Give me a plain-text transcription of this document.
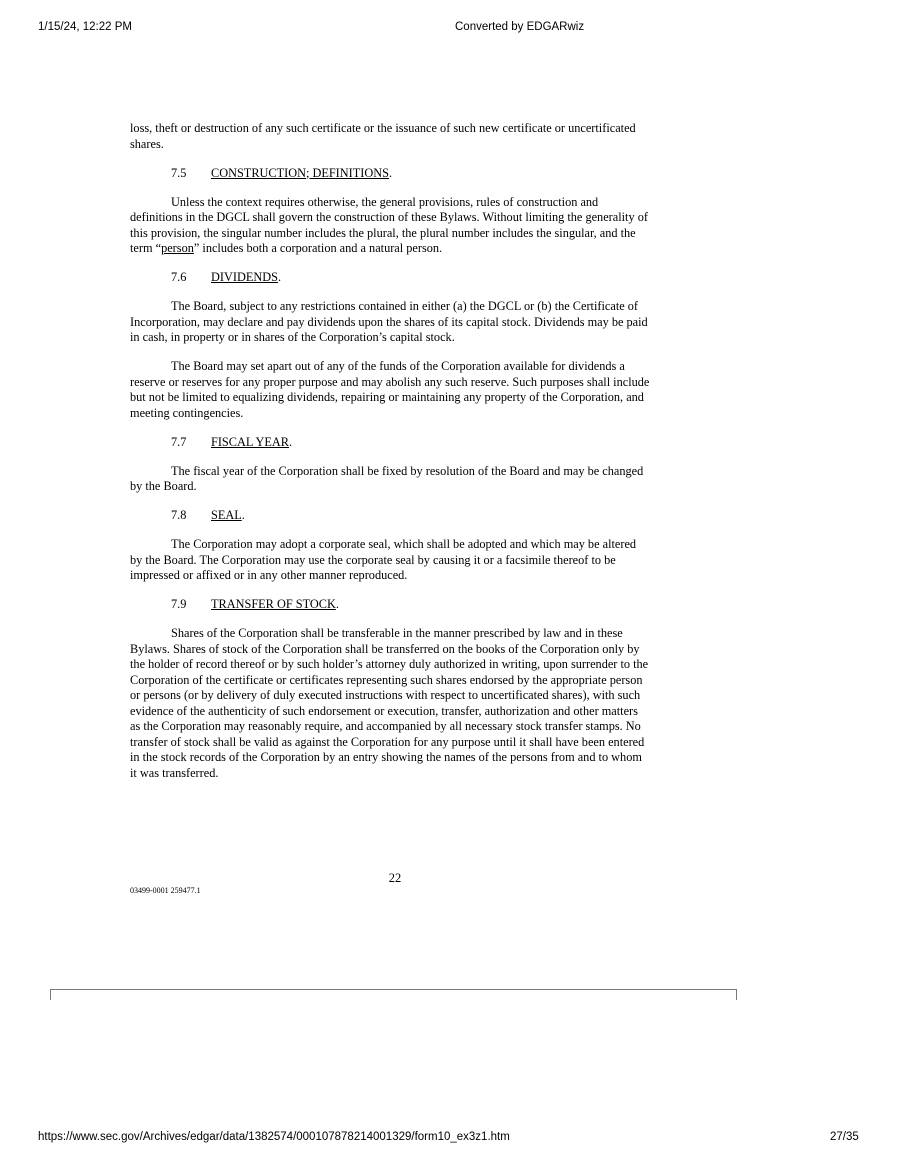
1/15/24, 12:22 PM	Converted by EDGARwiz

loss, theft or destruction of any such certificate or the issuance of such new certificate or uncertificated shares.

7.5 CONSTRUCTION; DEFINITIONS.

Unless the context requires otherwise, the general provisions, rules of construction and definitions in the DGCL shall govern the construction of these Bylaws. Without limiting the generality of this provision, the singular number includes the plural, the plural number includes the singular, and the term “person” includes both a corporation and a natural person.

7.6 DIVIDENDS.

The Board, subject to any restrictions contained in either (a) the DGCL or (b) the Certificate of Incorporation, may declare and pay dividends upon the shares of its capital stock. Dividends may be paid in cash, in property or in shares of the Corporation’s capital stock.

The Board may set apart out of any of the funds of the Corporation available for dividends a reserve or reserves for any proper purpose and may abolish any such reserve. Such purposes shall include but not be limited to equalizing dividends, repairing or maintaining any property of the Corporation, and meeting contingencies.

7.7 FISCAL YEAR.

The fiscal year of the Corporation shall be fixed by resolution of the Board and may be changed by the Board.

7.8 SEAL.

The Corporation may adopt a corporate seal, which shall be adopted and which may be altered by the Board. The Corporation may use the corporate seal by causing it or a facsimile thereof to be impressed or affixed or in any other manner reproduced.

7.9 TRANSFER OF STOCK.

Shares of the Corporation shall be transferable in the manner prescribed by law and in these Bylaws. Shares of stock of the Corporation shall be transferred on the books of the Corporation only by the holder of record thereof or by such holder’s attorney duly authorized in writing, upon surrender to the Corporation of the certificate or certificates representing such shares endorsed by the appropriate person or persons (or by delivery of duly executed instructions with respect to uncertificated shares), with such evidence of the authenticity of such endorsement or execution, transfer, authorization and other matters as the Corporation may reasonably require, and accompanied by all necessary stock transfer stamps. No transfer of stock shall be valid as against the Corporation for any purpose until it shall have been entered in the stock records of the Corporation by an entry showing the names of the persons from and to whom it was transferred.

22
03499-0001 259477.1
https://www.sec.gov/Archives/edgar/data/1382574/000107878214001329/form10_ex3z1.htm	27/35
